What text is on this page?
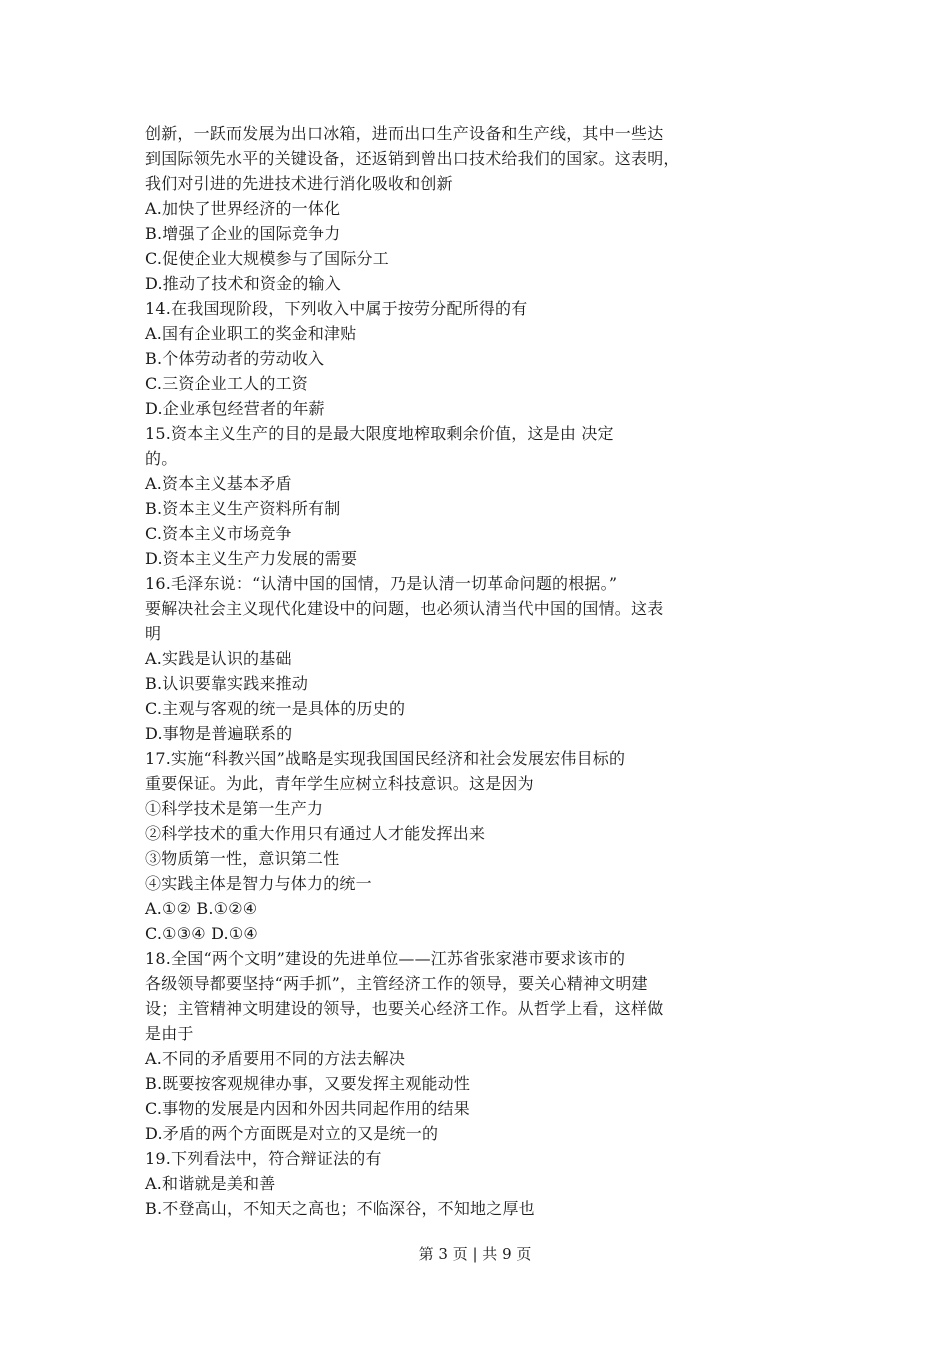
创新，一跃而发展为出口冰箱，进而出口生产设备和生产线，其中一些达
到国际领先水平的关键设备，还返销到曾出口技术给我们的国家。这表明，
我们对引进的先进技术进行消化吸收和创新
A.加快了世界经济的一体化
B.增强了企业的国际竞争力
C.促使企业大规模参与了国际分工
D.推动了技术和资金的输入
14.在我国现阶段，下列收入中属于按劳分配所得的有
A.国有企业职工的奖金和津贴
B.个体劳动者的劳动收入
C.三资企业工人的工资
D.企业承包经营者的年薪
15.资本主义生产的目的是最大限度地榨取剩余价值，这是由 决定
的。
A.资本主义基本矛盾
B.资本主义生产资料所有制
C.资本主义市场竞争
D.资本主义生产力发展的需要
16.毛泽东说：“认清中国的国情，乃是认清一切革命问题的根据。”
要解决社会主义现代化建设中的问题，也必须认清当代中国的国情。这表
明
A.实践是认识的基础
B.认识要靠实践来推动
C.主观与客观的统一是具体的历史的
D.事物是普遍联系的
17.实施“科教兴国”战略是实现我国国民经济和社会发展宏伟目标的
重要保证。为此，青年学生应树立科技意识。这是因为
①科学技术是第一生产力
②科学技术的重大作用只有通过人才能发挥出来
③物质第一性，意识第二性
④实践主体是智力与体力的统一
A.①② B.①②④
C.①③④ D.①④
18.全国“两个文明”建设的先进单位——江苏省张家港市要求该市的
各级领导都要坚持“两手抓”，主管经济工作的领导，要关心精神文明建
设；主管精神文明建设的领导，也要关心经济工作。从哲学上看，这样做
是由于
A.不同的矛盾要用不同的方法去解决
B.既要按客观规律办事，又要发挥主观能动性
C.事物的发展是内因和外因共同起作用的结果
D.矛盾的两个方面既是对立的又是统一的
19.下列看法中，符合辩证法的有
A.和谐就是美和善
B.不登高山，不知天之高也；不临深谷，不知地之厚也
第 3 页 | 共 9 页
